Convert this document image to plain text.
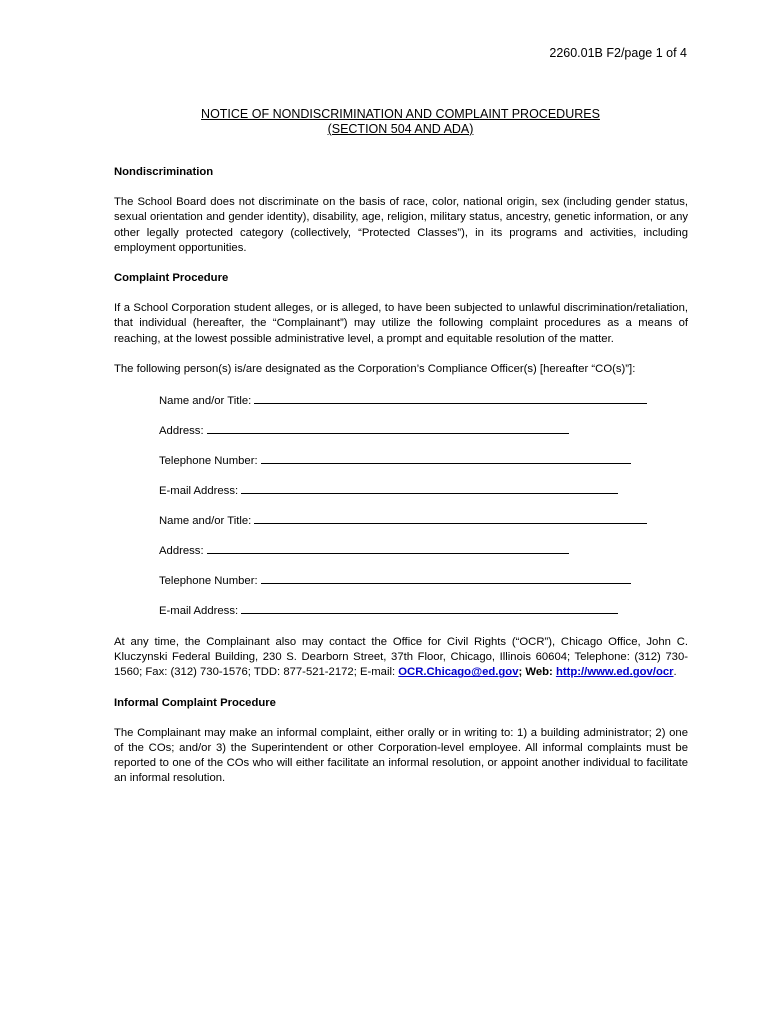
2260.01B F2/page 1 of 4
NOTICE OF NONDISCRIMINATION AND COMPLAINT PROCEDURES
(SECTION 504 AND ADA)
Nondiscrimination

The School Board does not discriminate on the basis of race, color, national origin, sex (including gender status, sexual orientation and gender identity), disability, age, religion, military status, ancestry, genetic information, or any other legally protected category (collectively, “Protected Classes”), in its programs and activities, including employment opportunities.

Complaint Procedure

If a School Corporation student alleges, or is alleged, to have been subjected to unlawful discrimination/retaliation, that individual (hereafter, the “Complainant”) may utilize the following complaint procedures as a means of reaching, at the lowest possible administrative level, a prompt and equitable resolution of the matter.

The following person(s) is/are designated as the Corporation’s Compliance Officer(s) [hereafter “CO(s)”]:

Name and/or Title:
Address:
Telephone Number:
E-mail Address:
Name and/or Title:
Address:
Telephone Number:
E-mail Address:

At any time, the Complainant also may contact the Office for Civil Rights (“OCR”), Chicago Office, John C. Kluczynski Federal Building, 230 S. Dearborn Street, 37th Floor, Chicago, Illinois 60604; Telephone: (312) 730-1560; Fax: (312) 730-1576; TDD: 877-521-2172; E-mail: OCR.Chicago@ed.gov; Web: http://www.ed.gov/ocr.

Informal Complaint Procedure

The Complainant may make an informal complaint, either orally or in writing to: 1) a building administrator; 2) one of the COs; and/or 3) the Superintendent or other Corporation-level employee. All informal complaints must be reported to one of the COs who will either facilitate an informal resolution, or appoint another individual to facilitate an informal resolution.
